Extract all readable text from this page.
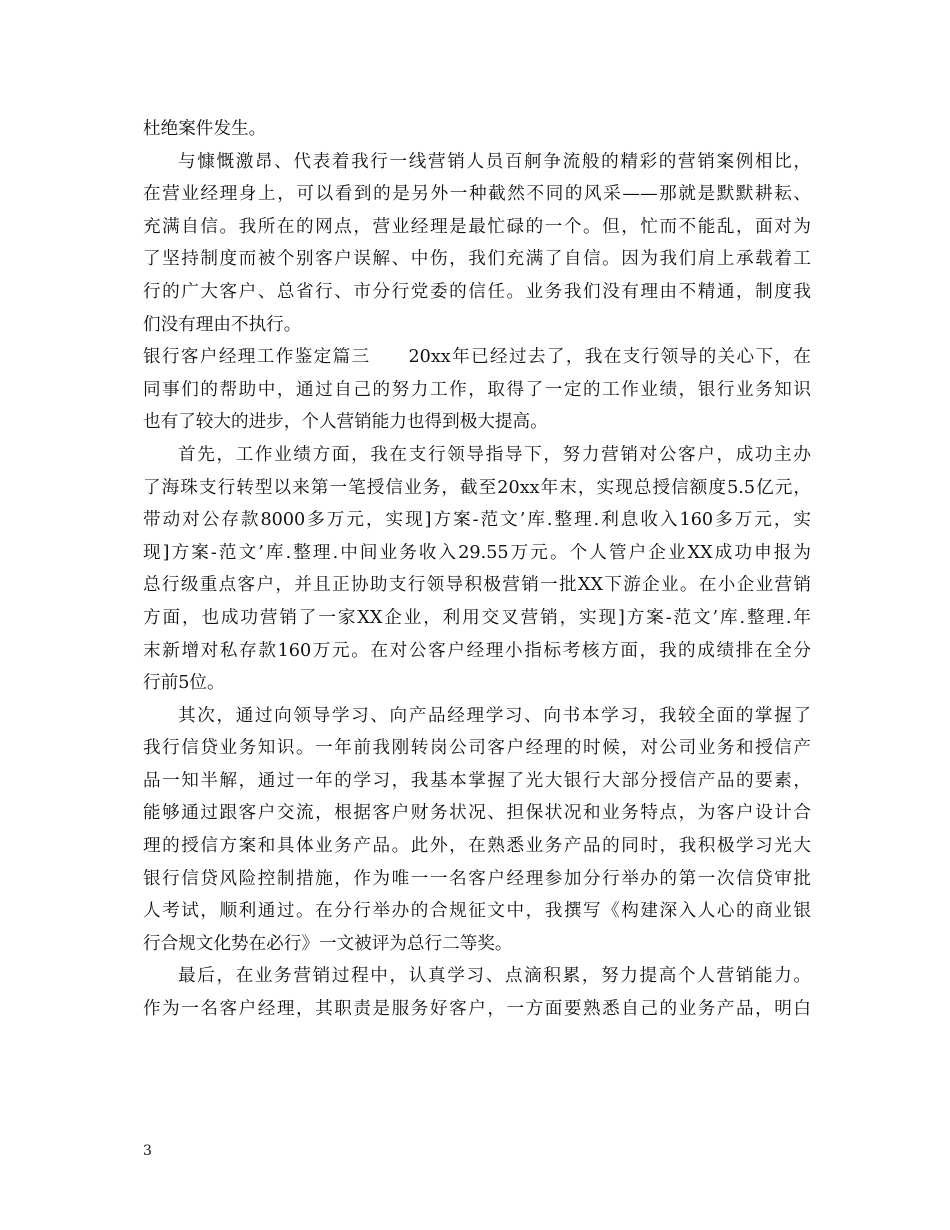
杜绝案件发生。
与慷慨激昂、代表着我行一线营销人员百舸争流般的精彩的营销案例相比，
在营业经理身上，可以看到的是另外一种截然不同的风采——那就是默默耕耘、
充满自信。我所在的网点，营业经理是最忙碌的一个。但，忙而不能乱，面对为
了坚持制度而被个别客户误解、中伤，我们充满了自信。因为我们肩上承载着工
行的广大客户、总省行、市分行党委的信任。业务我们没有理由不精通，制度我
们没有理由不执行。
银行客户经理工作鉴定篇三　　20xx年已经过去了，我在支行领导的关心下，在
同事们的帮助中，通过自己的努力工作，取得了一定的工作业绩，银行业务知识
也有了较大的进步，个人营销能力也得到极大提高。
首先，工作业绩方面，我在支行领导指导下，努力营销对公客户，成功主办
了海珠支行转型以来第一笔授信业务，截至20xx年末，实现总授信额度5.5亿元，
带动对公存款8000多万元，实现]方案-范文’库.整理.利息收入160多万元，实
现]方案-范文’库.整理.中间业务收入29.55万元。个人管户企业XX成功申报为
总行级重点客户，并且正协助支行领导积极营销一批XX下游企业。在小企业营销
方面，也成功营销了一家XX企业，利用交叉营销，实现]方案-范文’库.整理.年
末新增对私存款160万元。在对公客户经理小指标考核方面，我的成绩排在全分
行前5位。
其次，通过向领导学习、向产品经理学习、向书本学习，我较全面的掌握了
我行信贷业务知识。一年前我刚转岗公司客户经理的时候，对公司业务和授信产
品一知半解，通过一年的学习，我基本掌握了光大银行大部分授信产品的要素，
能够通过跟客户交流，根据客户财务状况、担保状况和业务特点，为客户设计合
理的授信方案和具体业务产品。此外，在熟悉业务产品的同时，我积极学习光大
银行信贷风险控制措施，作为唯一一名客户经理参加分行举办的第一次信贷审批
人考试，顺利通过。在分行举办的合规征文中，我撰写《构建深入人心的商业银
行合规文化势在必行》一文被评为总行二等奖。
最后，在业务营销过程中，认真学习、点滴积累，努力提高个人营销能力。
作为一名客户经理，其职责是服务好客户，一方面要熟悉自己的业务产品，明白
3
